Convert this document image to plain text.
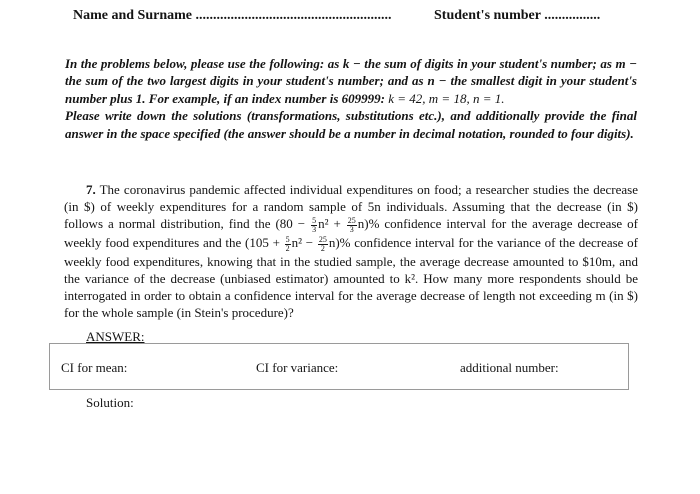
Name and Surname ........................................................	Student's number ................

In the problems below, please use the following: as k − the sum of digits in your student's number; as m − the sum of the two largest digits in your student's number; and as n − the smallest digit in your student's number plus 1. For example, if an index number is 609999: k = 42, m = 18, n = 1.
Please write down the solutions (transformations, substitutions etc.), and additionally provide the final answer in the space specified (the answer should be a number in decimal notation, rounded to four digits).

7. The coronavirus pandemic affected individual expenditures on food; a researcher studies the decrease (in $) of weekly expenditures for a random sample of 5n individuals. Assuming that the decrease (in $) follows a normal distribution, find the $(80 - \frac{5}{3} n^2 + \frac{25}{3} n)\%$ confidence interval for the average decrease of weekly food expenditures and the $(105 + \frac{5}{2} n^2 - \frac{25}{2} n)\%$ confidence interval for the variance of the decrease of weekly food expenditures, knowing that in the studied sample, the average decrease amounted to $10m, and the variance of the decrease (unbiased estimator) amounted to k². How many more respondents should be interrogated in order to obtain a confidence interval for the average decrease of length not exceeding m (in $) for the whole sample (in Stein's procedure)?
ANSWER:
CI for mean:	CI for variance:	additional number:
Solution:
